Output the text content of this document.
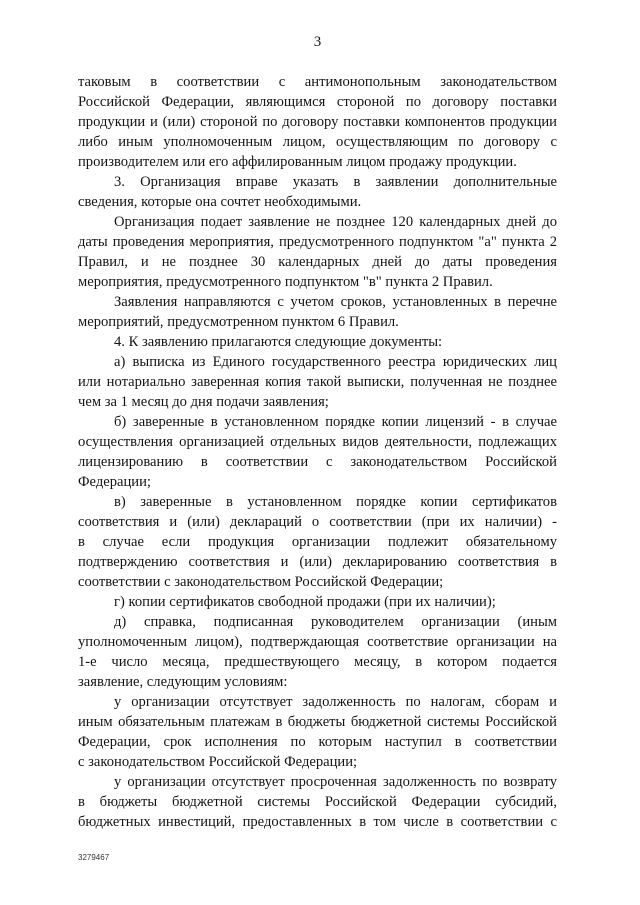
3
таковым в соответствии с антимонопольным законодательством
Российской Федерации, являющимся стороной по договору поставки
продукции и (или) стороной по договору поставки компонентов продукции
либо иным уполномоченным лицом, осуществляющим по договору с
производителем или его аффилированным лицом продажу продукции.
3. Организация вправе указать в заявлении дополнительные
сведения, которые она сочтет необходимыми.
Организация подает заявление не позднее 120 календарных дней до
даты проведения мероприятия, предусмотренного подпунктом "а" пункта 2
Правил, и не позднее 30 календарных дней до даты проведения
мероприятия, предусмотренного подпунктом "в" пункта 2 Правил.
Заявления направляются с учетом сроков, установленных в перечне
мероприятий, предусмотренном пунктом 6 Правил.
4. К заявлению прилагаются следующие документы:
а) выписка из Единого государственного реестра юридических лиц
или нотариально заверенная копия такой выписки, полученная не позднее
чем за 1 месяц до дня подачи заявления;
б) заверенные в установленном порядке копии лицензий - в случае
осуществления организацией отдельных видов деятельности, подлежащих
лицензированию в соответствии с законодательством Российской
Федерации;
в) заверенные в установленном порядке копии сертификатов
соответствия и (или) деклараций о соответствии (при их наличии) -
в случае если продукция организации подлежит обязательному
подтверждению соответствия и (или) декларированию соответствия в
соответствии с законодательством Российской Федерации;
г) копии сертификатов свободной продажи (при их наличии);
д) справка, подписанная руководителем организации (иным
уполномоченным лицом), подтверждающая соответствие организации на
1-е число месяца, предшествующего месяцу, в котором подается
заявление, следующим условиям:
у организации отсутствует задолженность по налогам, сборам и
иным обязательным платежам в бюджеты бюджетной системы Российской
Федерации, срок исполнения по которым наступил в соответствии
с законодательством Российской Федерации;
у организации отсутствует просроченная задолженность по возврату
в бюджеты бюджетной системы Российской Федерации субсидий,
бюджетных инвестиций, предоставленных в том числе в соответствии с
3279467
